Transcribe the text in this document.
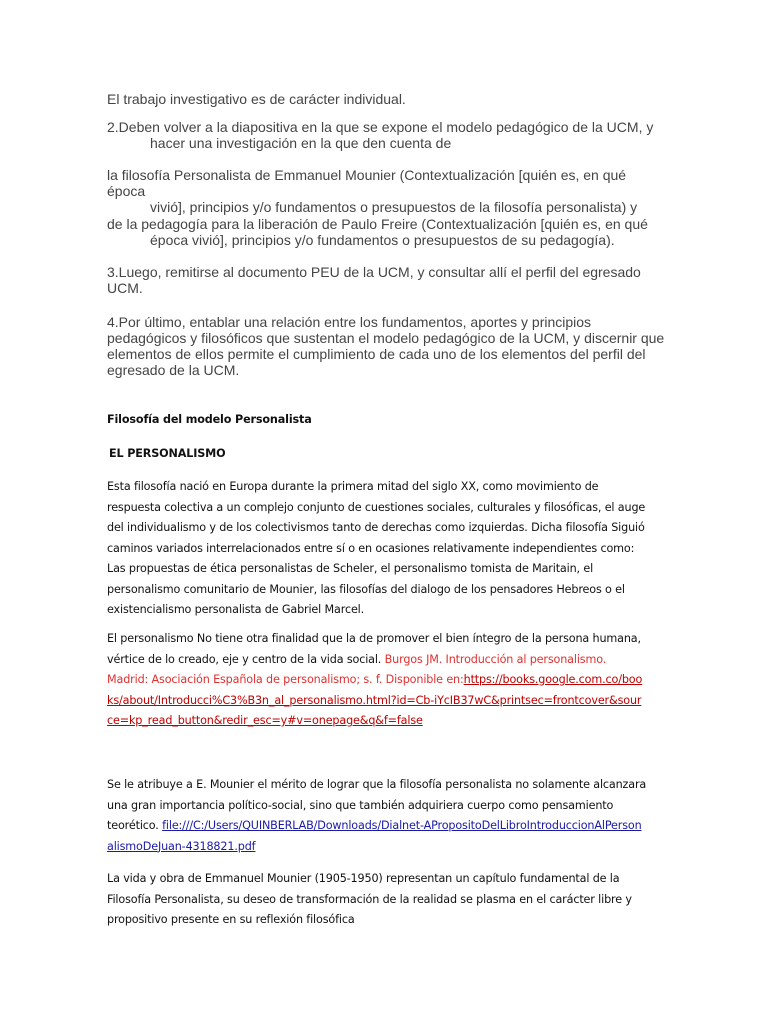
El trabajo investigativo es de carácter individual.
2.Deben volver a la diapositiva en la que se expone el modelo pedagógico de la UCM, y
hacer una investigación en la que den cuenta de
la filosofía Personalista de Emmanuel Mounier (Contextualización [quién es, en qué época
vivió], principios y/o fundamentos o presupuestos de la filosofía personalista) y
de la pedagogía para la liberación de Paulo Freire (Contextualización [quién es, en qué
época vivió], principios y/o fundamentos o presupuestos de su pedagogía).
3.Luego, remitirse al documento PEU de la UCM, y consultar allí el perfil del egresado UCM.
4.Por último, entablar una relación entre los fundamentos, aportes y principios pedagógicos y filosóficos que sustentan el modelo pedagógico de la UCM, y discernir que elementos de ellos permite el cumplimiento de cada uno de los elementos del perfil del egresado de la UCM.
Filosofía del modelo Personalista
EL PERSONALISMO
Esta filosofía nació en Europa durante la primera mitad del siglo XX, como movimiento de respuesta colectiva a un complejo conjunto de cuestiones sociales, culturales y filosóficas, el auge del individualismo y de los colectivismos tanto de derechas como izquierdas. Dicha filosofía Siguió caminos variados interrelacionados entre sí o en ocasiones relativamente independientes como: Las propuestas de ética personalistas de Scheler, el personalismo tomista de Maritain, el personalismo comunitario de Mounier, las filosofías del dialogo de los pensadores Hebreos o el existencialismo personalista de Gabriel Marcel.
El personalismo No tiene otra finalidad que la de promover el bien íntegro de la persona humana, vértice de lo creado, eje y centro de la vida social. Burgos JM. Introducción al personalismo. Madrid: Asociación Española de personalismo; s. f. Disponible en:https://books.google.com.co/books/about/Introducci%C3%B3n_al_personalismo.html?id=Cb-iYcIB37wC&printsec=frontcover&source=kp_read_button&redir_esc=y#v=onepage&q&f=false
Se le atribuye a E. Mounier el mérito de lograr que la filosofía personalista no solamente alcanzara una gran importancia político-social, sino que también adquiriera cuerpo como pensamiento teorético. file:///C:/Users/QUINBERLAB/Downloads/Dialnet-AProposito​DelLibroIntroduccionAlPersonalismoDeJuan-4318821.pdf
La vida y obra de Emmanuel Mounier (1905-1950) representan un capítulo fundamental de la Filosofía Personalista, su deseo de transformación de la realidad se plasma en el carácter libre y propositivo presente en su reflexión filosófica
